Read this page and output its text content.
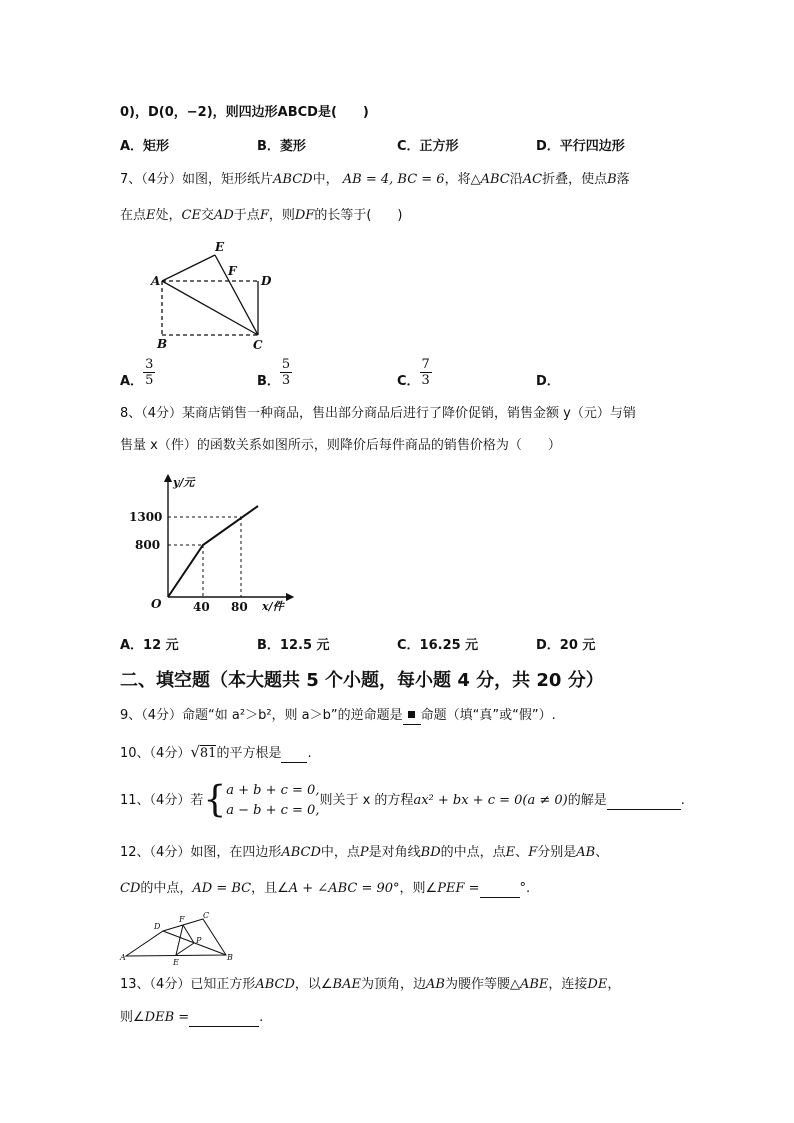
0)，D(0，−2)，则四边形ABCD是(　　)
A．矩形	B．菱形	C．正方形	D．平行四边形
7、（4分）如图，矩形纸片ABCD中， AB = 4, BC = 6，将△ABC沿AC折叠，使点B落
在点E处，CE交AD于点F，则DF的长等于(　　)
A
B	C
D
E
F
A． $\frac{3}{5}$	B． $\frac{5}{3}$	C． $\frac{7}{3}$	D．
8、（4分）某商店销售一种商品，售出部分商品后进行了降价促销，销售金额 y（元）与销
售量 x（件）的函数关系如图所示，则降价后每件商品的销售价格为（　　）
1300
800
40 80
O	x/件
y/元
A．12 元	B．12.5 元	C．16.25 元	D．20 元
二、填空题（本大题共 5 个小题，每小题 4 分，共 20 分）
9、（4分）命题“如 a²＞b²，则 a＞b”的逆命题是 命题（填“真”或“假”）.
10、（4分）√81的平方根是 .
11、（4分）若{ a + b + c = 0,
a − b + c = 0,
则关于 x 的方程ax² + bx + c = 0(a ≠ 0)的解是	.
12、（4分）如图，在四边形ABCD中，点P是对角线BD的中点，点E、F分别是AB、
CD的中点，AD = BC，且∠A + ∠ABC = 90°，则∠PEF =	°.
A	B
C
D
E
F
P
13、（4分）已知正方形ABCD，以∠BAE为顶角，边AB为腰作等腰△ABE，连接DE，
则∠DEB =	.
